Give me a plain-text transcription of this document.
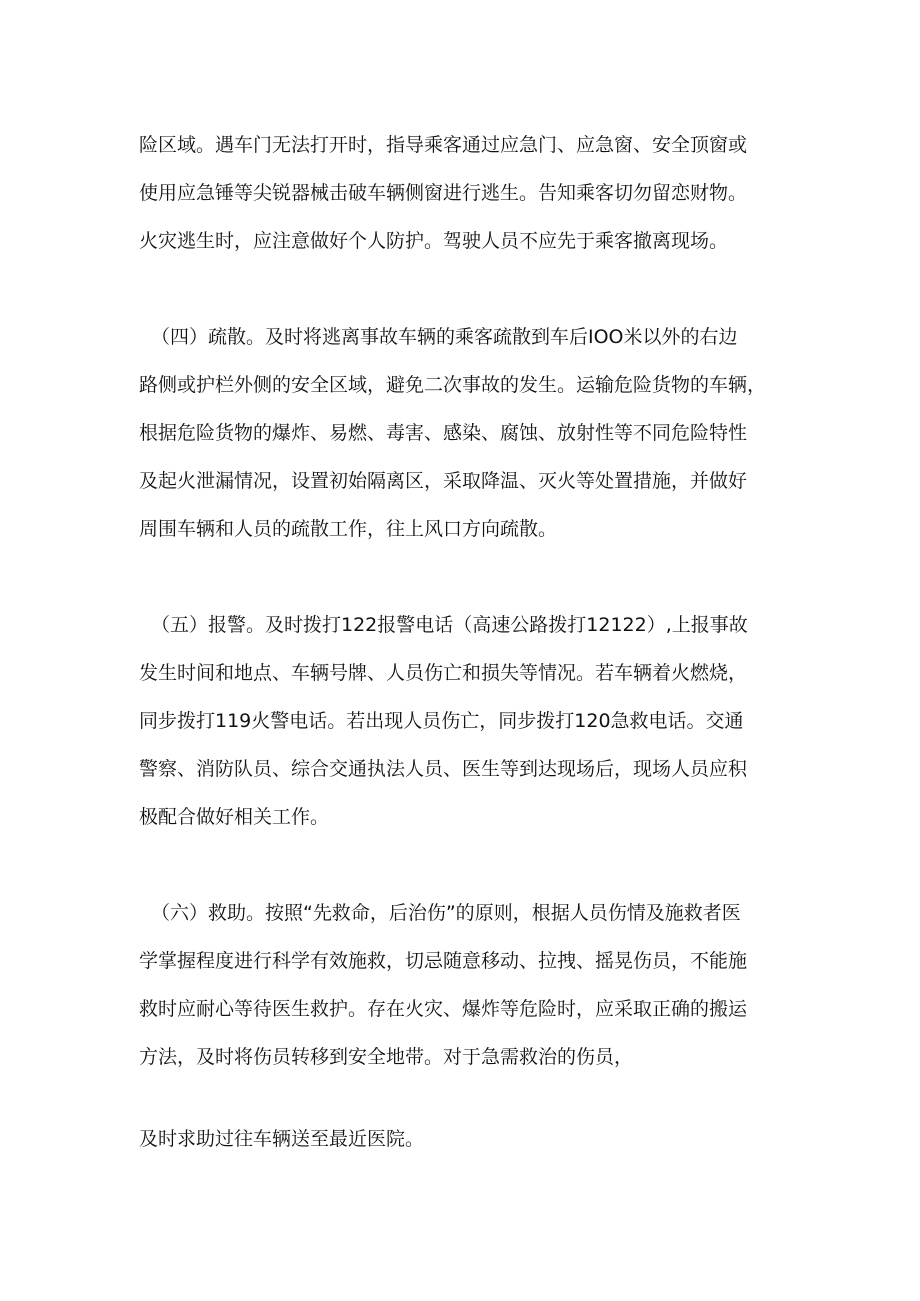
险区域。遇车门无法打开时，指导乘客通过应急门、应急窗、安全顶窗或
使用应急锤等尖锐器械击破车辆侧窗进行逃生。告知乘客切勿留恋财物。
火灾逃生时，应注意做好个人防护。驾驶人员不应先于乘客撤离现场。
（四）疏散。及时将逃离事故车辆的乘客疏散到车后IOO米以外的右边
路侧或护栏外侧的安全区域，避免二次事故的发生。运输危险货物的车辆，
根据危险货物的爆炸、易燃、毒害、感染、腐蚀、放射性等不同危险特性
及起火泄漏情况，设置初始隔离区，采取降温、灭火等处置措施，并做好
周围车辆和人员的疏散工作，往上风口方向疏散。
（五）报警。及时拨打122报警电话（高速公路拨打12122）,上报事故
发生时间和地点、车辆号牌、人员伤亡和损失等情况。若车辆着火燃烧，
同步拨打119火警电话。若出现人员伤亡，同步拨打120急救电话。交通
警察、消防队员、综合交通执法人员、医生等到达现场后，现场人员应积
极配合做好相关工作。
（六）救助。按照“先救命，后治伤”的原则，根据人员伤情及施救者医
学掌握程度进行科学有效施救，切忌随意移动、拉拽、摇晃伤员，不能施
救时应耐心等待医生救护。存在火灾、爆炸等危险时，应采取正确的搬运
方法，及时将伤员转移到安全地带。对于急需救治的伤员，
及时求助过往车辆送至最近医院。
